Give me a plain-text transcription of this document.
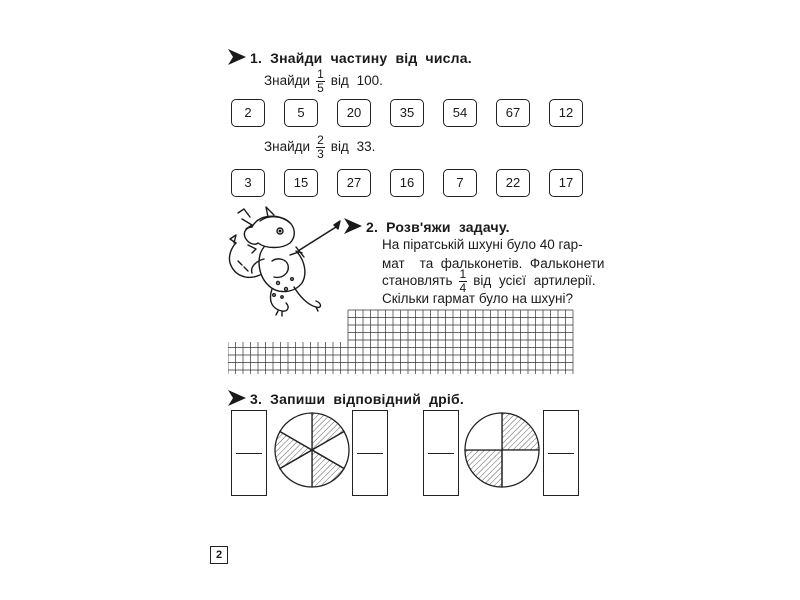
1. Знайди частину від числа.
Знайди $\frac{1}{5}$ від 100.
2	5	20	35	54	67	12
Знайди $\frac{2}{3}$ від 33.
3	15	27	16	7	22	17
2. Розв'яжи задачу.
На піратській шхуні було 40 гар-
мат    та  фальконетів.  Фальконети
становлять $\frac{1}{4}$ від усієї артилерії.
Скільки гармат було на шхуні?
3. Запиши відповідний дріб.
2
